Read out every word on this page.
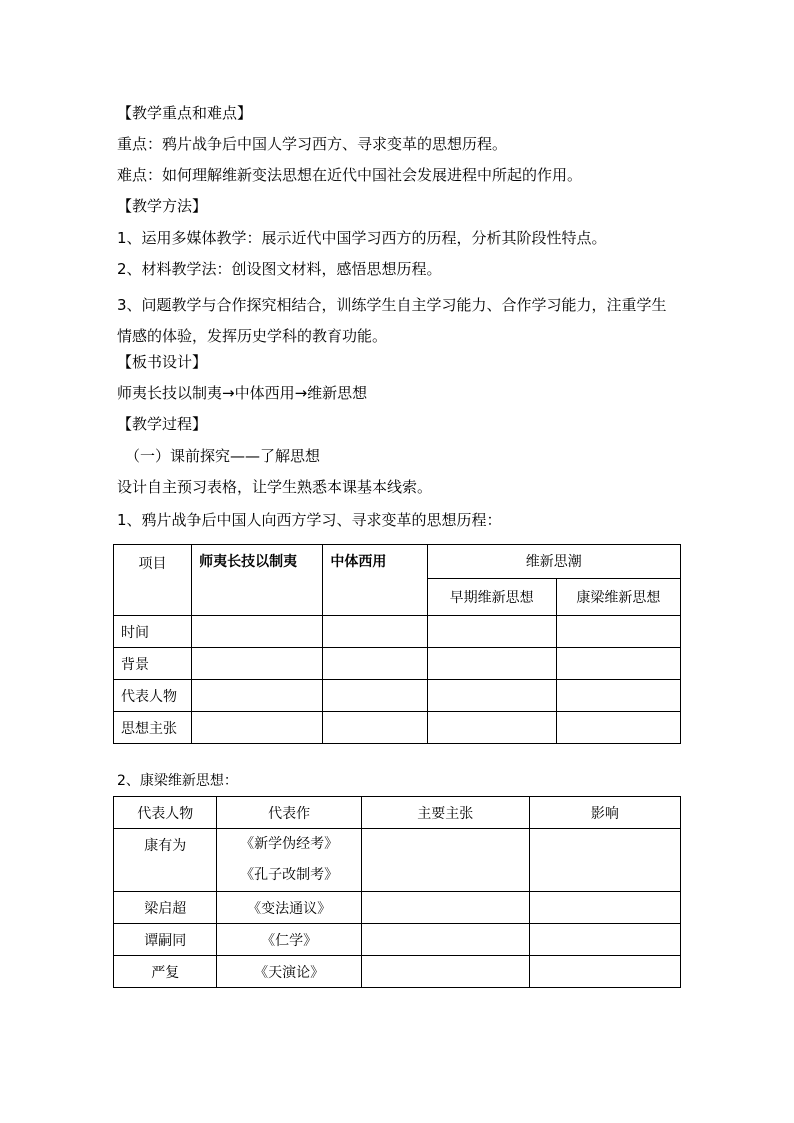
【教学重点和难点】
重点：鸦片战争后中国人学习西方、寻求变革的思想历程。
难点：如何理解维新变法思想在近代中国社会发展进程中所起的作用。
【教学方法】
1、运用多媒体教学：展示近代中国学习西方的历程，分析其阶段性特点。
2、材料教学法：创设图文材料，感悟思想历程。
3、问题教学与合作探究相结合，训练学生自主学习能力、合作学习能力，注重学生情感的体验，发挥历史学科的教育功能。
【板书设计】
师夷长技以制夷→中体西用→维新思想
【教学过程】
（一）课前探究——了解思想
设计自主预习表格，让学生熟悉本课基本线索。
1、鸦片战争后中国人向西方学习、寻求变革的思想历程：
项目	师夷长技以制夷	中体西用	维新思潮	
			早期维新思想	康梁维新思想
时间				
背景				
代表人物				
思想主张				
2、康梁维新思想：
代表人物	代表作	主要主张	影响
康有为	《新学伪经考》
《孔子改制考》		

梁启超	《变法通议》		
谭嗣同	《仁学》		
严复	《天演论》		
